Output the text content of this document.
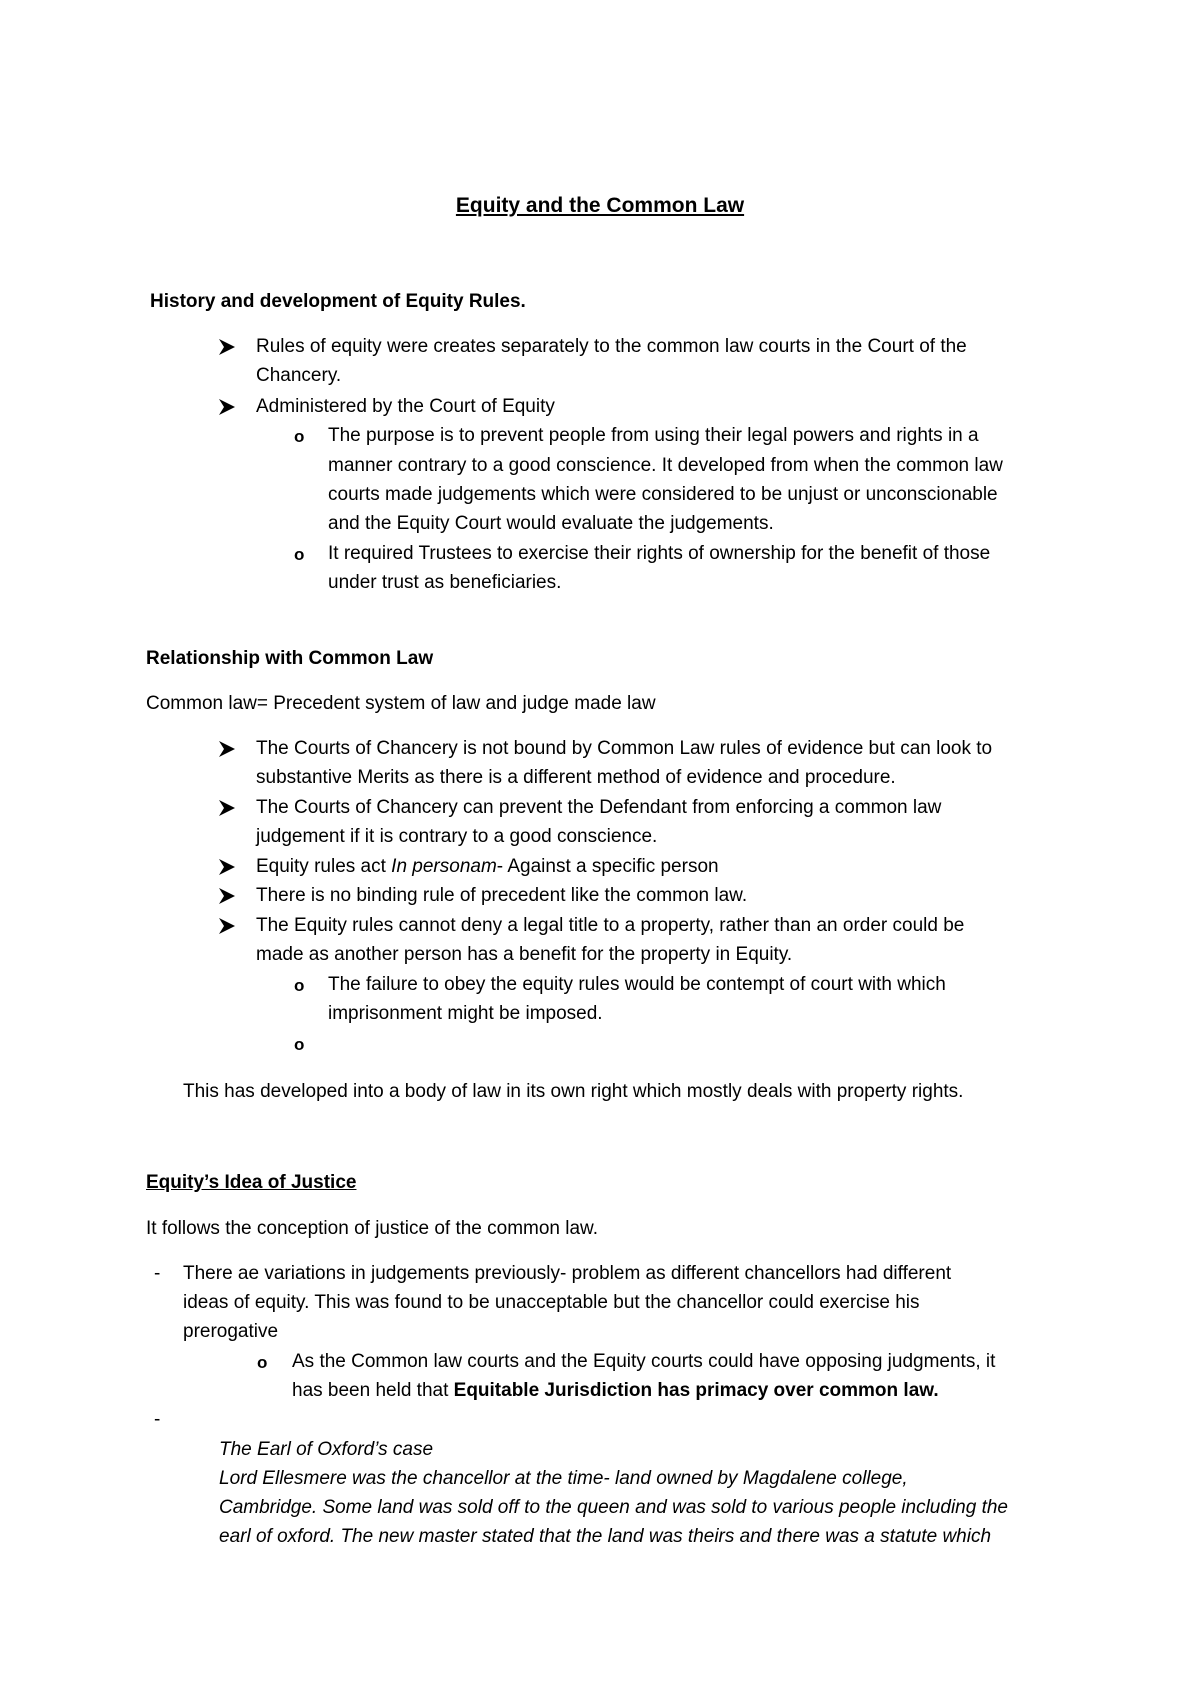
Equity and the Common Law
History and development of Equity Rules.
Rules of equity were creates separately to the common law courts in the Court of the
Chancery.
Administered by the Court of Equity
o The purpose is to prevent people from using their legal powers and rights in a
manner contrary to a good conscience. It developed from when the common law
courts made judgements which were considered to be unjust or unconscionable
and the Equity Court would evaluate the judgements.
o It required Trustees to exercise their rights of ownership for the benefit of those
under trust as beneficiaries.
Relationship with Common Law
Common law= Precedent system of law and judge made law
The Courts of Chancery is not bound by Common Law rules of evidence but can look to
substantive Merits as there is a different method of evidence and procedure.
The Courts of Chancery can prevent the Defendant from enforcing a common law
judgement if it is contrary to a good conscience.
Equity rules act In personam- Against a specific person
There is no binding rule of precedent like the common law.
The Equity rules cannot deny a legal title to a property, rather than an order could be
made as another person has a benefit for the property in Equity.
o The failure to obey the equity rules would be contempt of court with which
imprisonment might be imposed.
o
This has developed into a body of law in its own right which mostly deals with property rights.
Equity’s Idea of Justice
It follows the conception of justice of the common law.
- There ae variations in judgements previously- problem as different chancellors had different
ideas of equity. This was found to be unacceptable but the chancellor could exercise his
prerogative
o As the Common law courts and the Equity courts could have opposing judgments, it
has been held that Equitable Jurisdiction has primacy over common law.
-
The Earl of Oxford’s case
Lord Ellesmere was the chancellor at the time- land owned by Magdalene college,
Cambridge. Some land was sold off to the queen and was sold to various people including the
earl of oxford. The new master stated that the land was theirs and there was a statute which
